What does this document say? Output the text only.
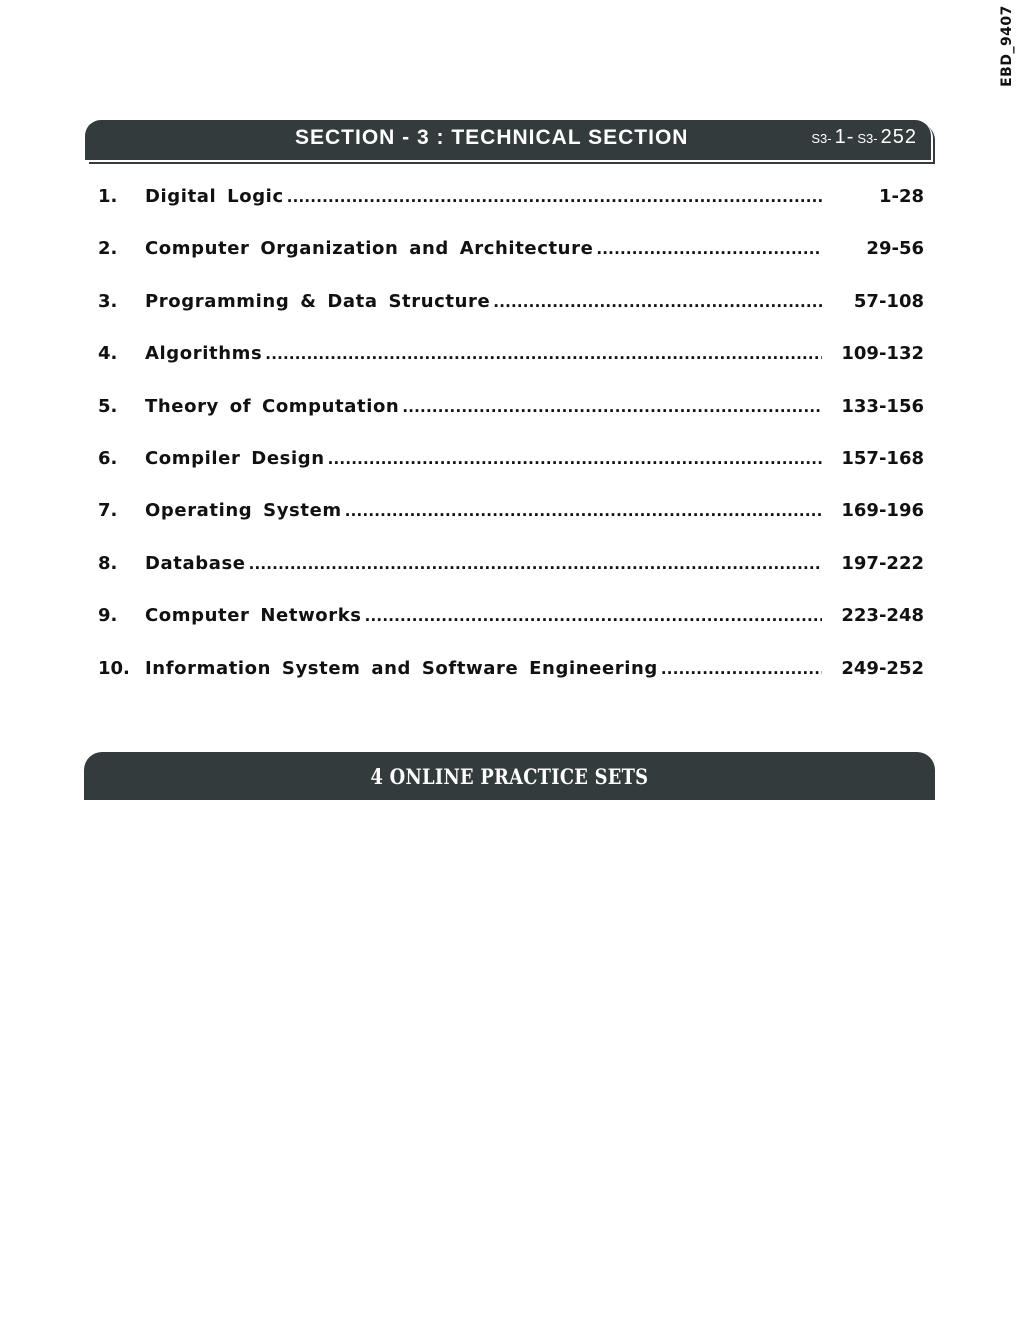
EBD_9407
SECTION - 3 : TECHNICAL SECTION	S3- 1- S3- 252
1.	Digital Logic .....	1-28
2.	Computer Organization and Architecture .....	29-56
3.	Programming & Data Structure .....	57-108
4.	Algorithms .....	109-132
5.	Theory of Computation .....	133-156
6.	Compiler Design .....	157-168
7.	Operating System .....	169-196
8.	Database .....	197-222
9.	Computer Networks .....	223-248
10. Information System and Software Engineering .....	249-252
4 ONLINE PRACTICE SETS
